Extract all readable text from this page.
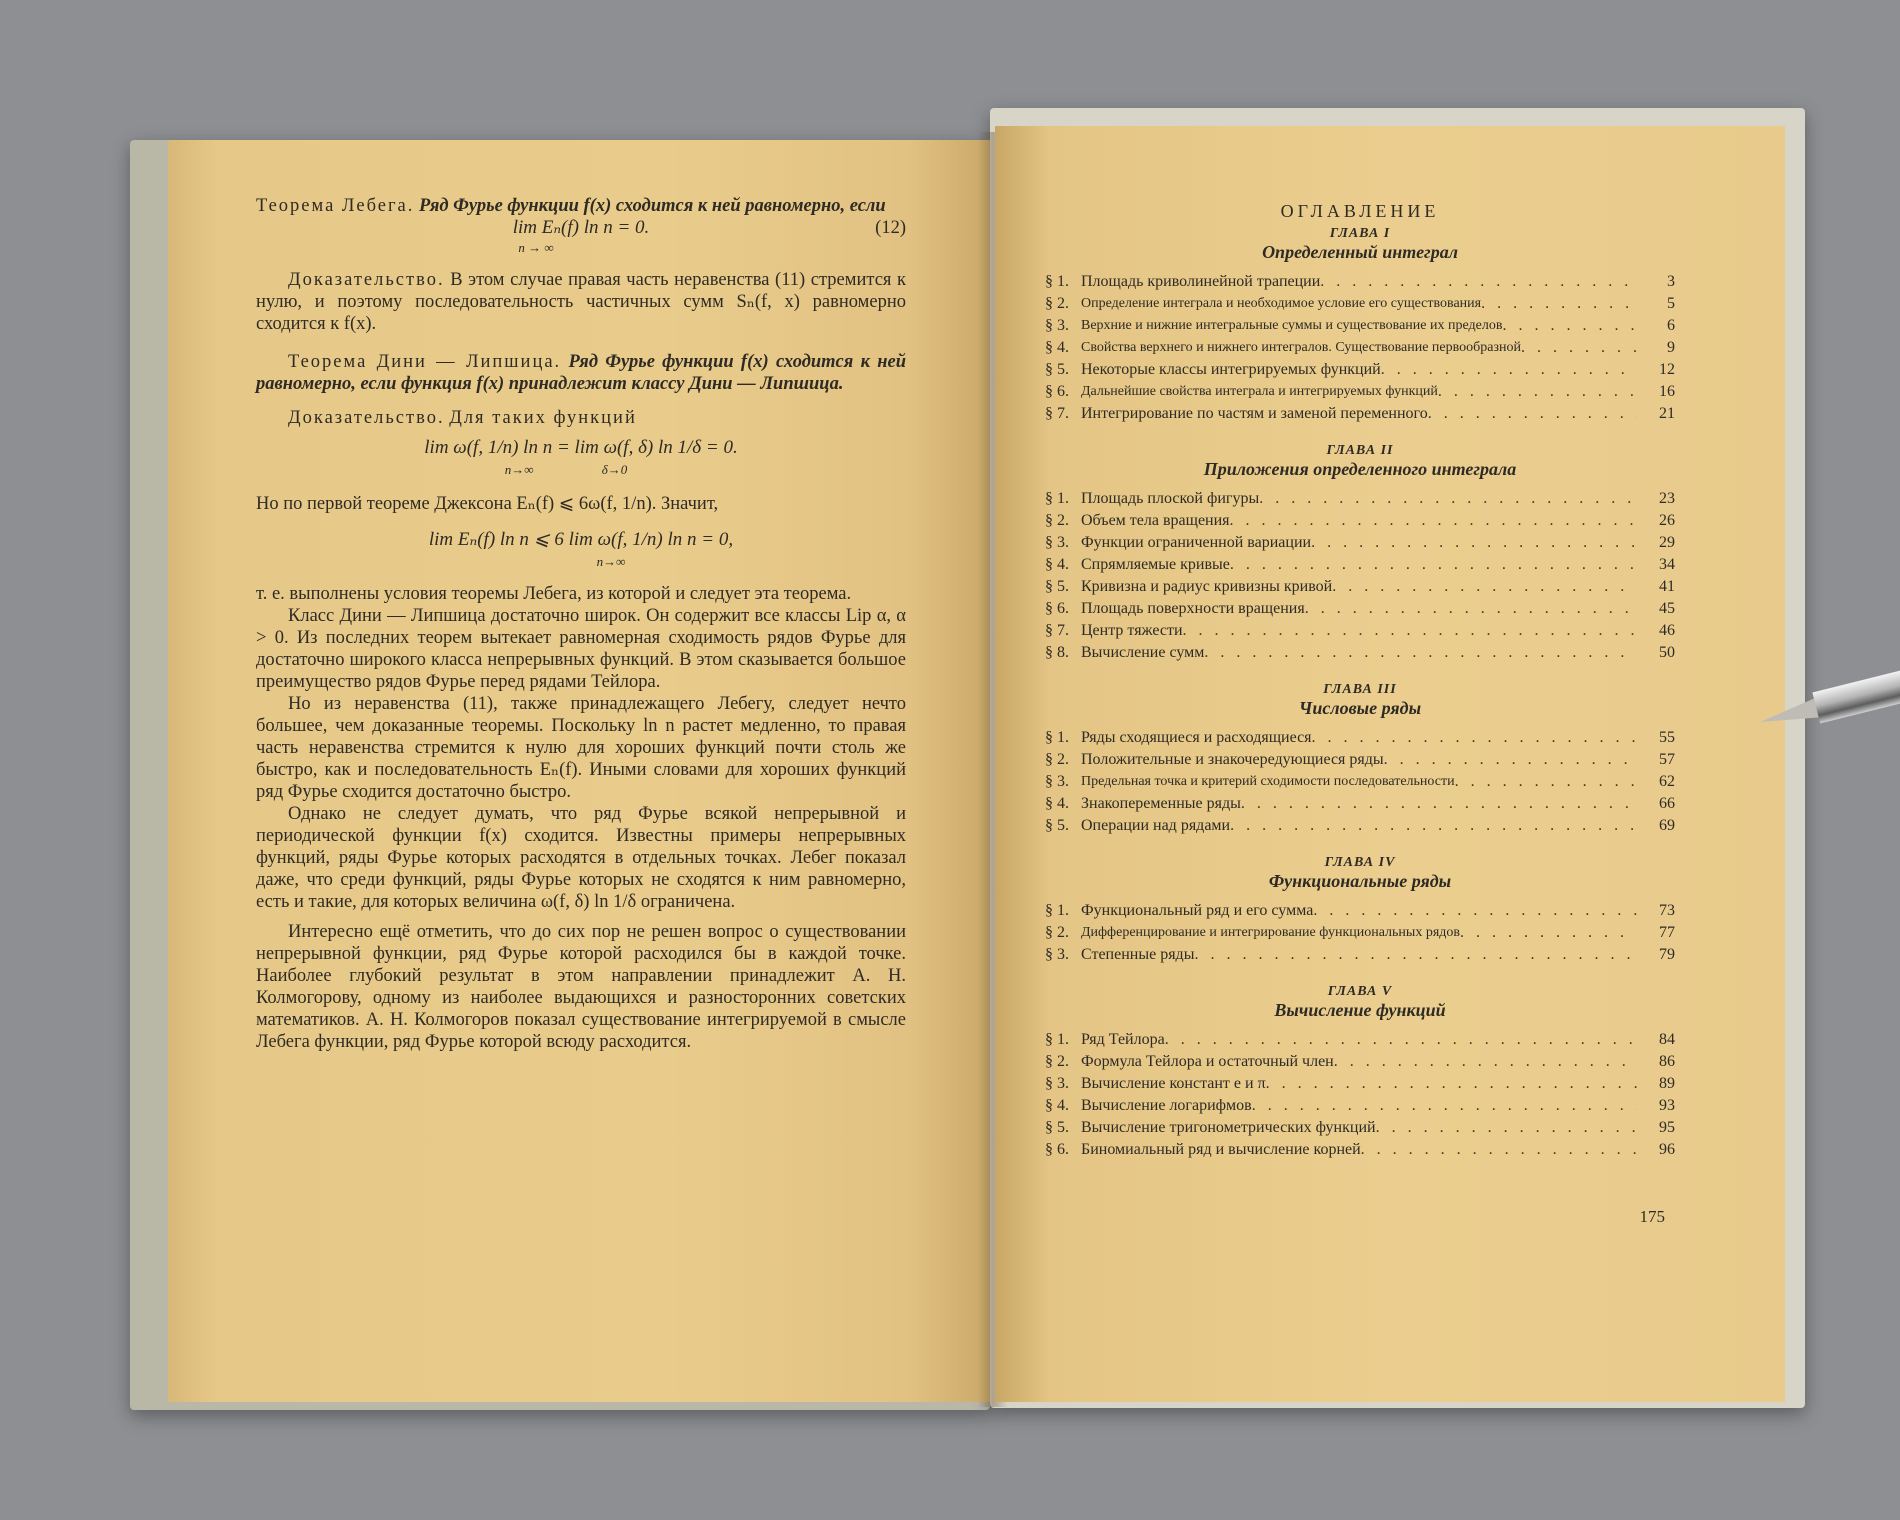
Теорема Лебега. Ряд Фурье функции f(x) сходится к ней равномерно, если

lim Eₙ(f) ln n = 0.

n → ∞

(12)

Доказательство. В этом случае правая часть неравенства (11) стремится к нулю, и поэтому последовательность частичных сумм Sₙ(f, x) равномерно сходится к f(x).

Теорема Дини — Липшица. Ряд Фурье функции f(x) сходится к ней равномерно, если функция f(x) принадлежит классу Дини — Липшица.

Доказательство. Для таких функций

lim ω(f, 1/n) ln n = lim ω(f, δ) ln 1/δ = 0.

n→∞                     δ→0

Но по первой теореме Джексона Eₙ(f) ⩽ 6ω(f, 1/n). Значит,

lim Eₙ(f) ln n ⩽ 6 lim ω(f, 1/n) ln n = 0,

n→∞

т. е. выполнены условия теоремы Лебега, из которой и следует эта теорема.

Класс Дини — Липшица достаточно широк. Он содержит все классы Lip α, α > 0. Из последних теорем вытекает равномерная сходимость рядов Фурье для достаточно широкого класса непрерывных функций. В этом сказывается большое преимущество рядов Фурье перед рядами Тейлора.

Но из неравенства (11), также принадлежащего Лебегу, следует нечто большее, чем доказанные теоремы. Поскольку ln n растет медленно, то правая часть неравенства стремится к нулю для хороших функций почти столь же быстро, как и последовательность Eₙ(f). Иными словами для хороших функций ряд Фурье сходится достаточно быстро.

Однако не следует думать, что ряд Фурье всякой непрерывной и периодической функции f(x) сходится. Известны примеры непрерывных функций, ряды Фурье которых расходятся в отдельных точках. Лебег показал даже, что среди функций, ряды Фурье которых не сходятся к ним равномерно, есть и такие, для которых величина ω(f, δ) ln 1/δ ограничена.

Интересно ещё отметить, что до сих пор не решен вопрос о существовании непрерывной функции, ряд Фурье которой расходился бы в каждой точке. Наиболее глубокий результат в этом направлении принадлежит А. Н. Колмогорову, одному из наиболее выдающихся и разносторонних советских математиков. А. Н. Колмогоров показал существование интегрируемой в смысле Лебега функции, ряд Фурье которой всюду расходится.

ОГЛАВЛЕНИЕ

ГЛАВА I

Определенный интеграл

§ 1. Площадь криволинейной трапеции . . .	3
§ 2. Определение интеграла и необходимое условие его существования . . .	5
§ 3. Верхние и нижние интегральные суммы и существование их пределов . . .	6
§ 4. Свойства верхнего и нижнего интегралов. Существование первообразной . . .	9
§ 5. Некоторые классы интегрируемых функций . . .	12
§ 6. Дальнейшие свойства интеграла и интегрируемых функций . . .	16
§ 7. Интегрирование по частям и заменой переменного . . .	21

ГЛАВА II

Приложения определенного интеграла

§ 1. Площадь плоской фигуры . . .	23
§ 2. Объем тела вращения . . .	26
§ 3. Функции ограниченной вариации . . .	29
§ 4. Спрямляемые кривые . . .	34
§ 5. Кривизна и радиус кривизны кривой . . .	41
§ 6. Площадь поверхности вращения . . .	45
§ 7. Центр тяжести . . .	46
§ 8. Вычисление сумм . . .	50

ГЛАВА III

Числовые ряды

§ 1. Ряды сходящиеся и расходящиеся . . .	55
§ 2. Положительные и знакочередующиеся ряды . . .	57
§ 3. Предельная точка и критерий сходимости последовательности . . .	62
§ 4. Знакопеременные ряды . . .	66
§ 5. Операции над рядами . . .	69

ГЛАВА IV

Функциональные ряды

§ 1. Функциональный ряд и его сумма . . .	73
§ 2. Дифференцирование и интегрирование функциональных рядов . . .	77
§ 3. Степенные ряды . . .	79

ГЛАВА V

Вычисление функций

§ 1. Ряд Тейлора . . .	84
§ 2. Формула Тейлора и остаточный член . . .	86
§ 3. Вычисление констант e и π . . .	89
§ 4. Вычисление логарифмов . . .	93
§ 5. Вычисление тригонометрических функций . . .	95
§ 6. Биномиальный ряд и вычисление корней . . .	96
175
